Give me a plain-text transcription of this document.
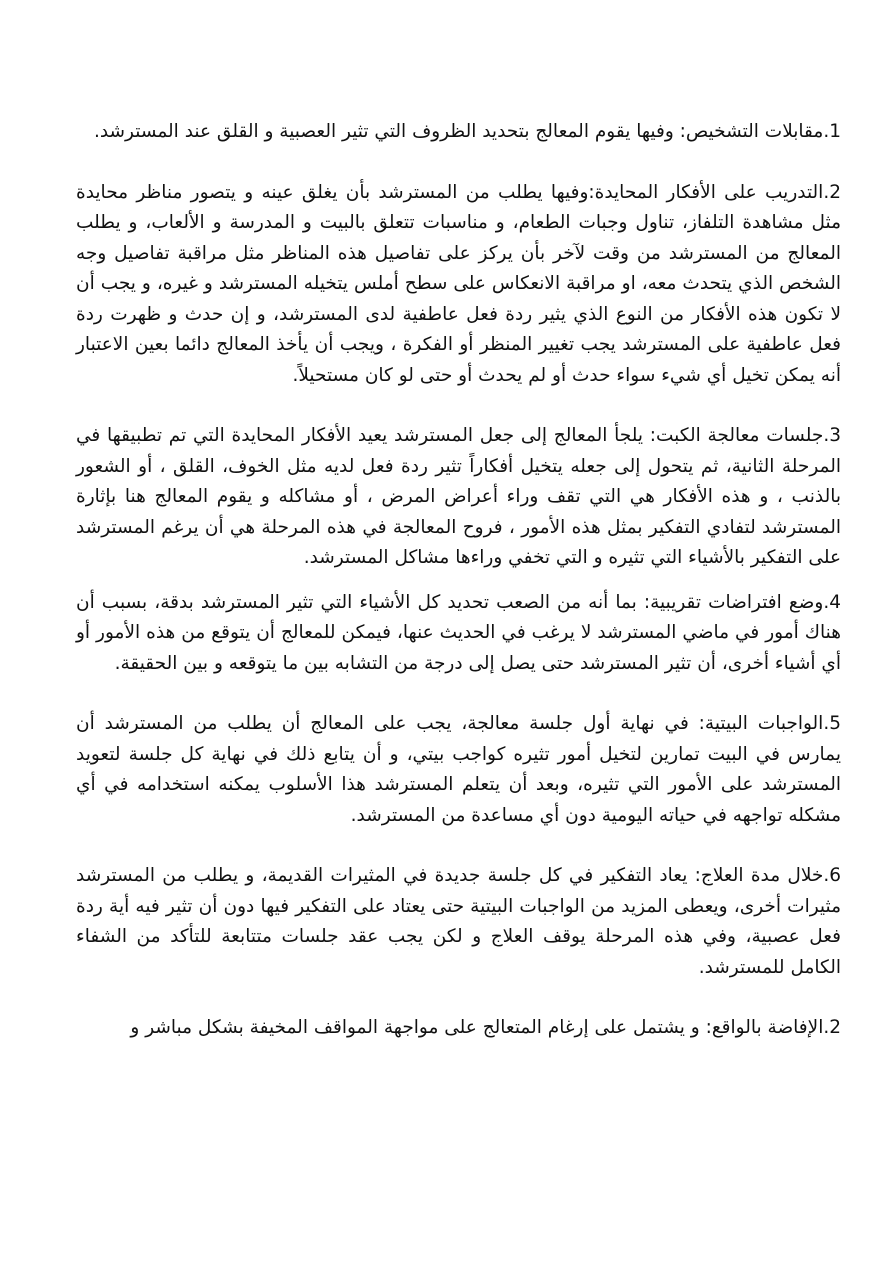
1.مقابلات التشخيص: وفيها يقوم المعالج بتحديد الظروف التي تثير العصبية و القلق عند المسترشد.

2.التدريب على الأفكار المحايدة:وفيها يطلب من المسترشد بأن يغلق عينه و يتصور مناظر محايدة مثل مشاهدة التلفاز، تناول وجبات الطعام، و مناسبات تتعلق بالبيت و المدرسة و الألعاب، و يطلب المعالج من المسترشد من وقت لآخر بأن يركز على تفاصيل هذه المناظر مثل مراقبة تفاصيل وجه الشخص الذي يتحدث معه، او مراقبة الانعكاس على سطح أملس يتخيله المسترشد و غيره، و يجب أن لا تكون هذه الأفكار من النوع الذي يثير ردة فعل عاطفية لدى المسترشد، و إن حدث و ظهرت ردة فعل عاطفية على المسترشد يجب تغيير المنظر أو الفكرة ، ويجب أن يأخذ المعالج دائما بعين الاعتبار أنه يمكن تخيل أي شيء سواء حدث أو لم يحدث أو حتى لو كان مستحيلاً.

3.جلسات معالجة الكبت: يلجأ المعالج إلى جعل المسترشد يعيد الأفكار المحايدة التي تم تطبيقها في المرحلة الثانية، ثم يتحول إلى جعله يتخيل أفكاراً تثير ردة فعل لديه مثل الخوف، القلق ، أو الشعور بالذنب ، و هذه الأفكار هي التي تقف وراء أعراض المرض ، أو مشاكله و يقوم المعالج هنا بإثارة المسترشد لتفادي التفكير بمثل هذه الأمور ، فروح المعالجة في هذه المرحلة هي أن يرغم المسترشد على التفكير بالأشياء التي تثيره و التي تخفي وراءها مشاكل المسترشد.

4.وضع افتراضات تقريبية: بما أنه من الصعب تحديد كل الأشياء التي تثير المسترشد بدقة، بسبب أن هناك أمور في ماضي المسترشد لا يرغب في الحديث عنها، فيمكن للمعالج أن يتوقع من هذه الأمور أو أي أشياء أخرى، أن تثير المسترشد حتى يصل إلى درجة من التشابه بين ما يتوقعه و بين الحقيقة.

5.الواجبات البيتية: في نهاية أول جلسة معالجة، يجب على المعالج أن يطلب من المسترشد أن يمارس في البيت تمارين لتخيل أمور تثيره كواجب بيتي، و أن يتابع ذلك في نهاية كل جلسة لتعويد المسترشد على الأمور التي تثيره، وبعد أن يتعلم المسترشد هذا الأسلوب يمكنه استخدامه في أي مشكله تواجهه في حياته اليومية دون أي مساعدة من المسترشد.

6.خلال مدة العلاج: يعاد التفكير في كل جلسة جديدة في المثيرات القديمة، و يطلب من المسترشد مثيرات أخرى، ويعطى المزيد من الواجبات البيتية حتى يعتاد على التفكير فيها دون أن تثير فيه أية ردة فعل عصبية، وفي هذه المرحلة يوقف العلاج و لكن يجب عقد جلسات متتابعة للتأكد من الشفاء الكامل للمسترشد.

2.الإفاضة بالواقع: و يشتمل على إرغام المتعالج على مواجهة المواقف المخيفة بشكل مباشر و
